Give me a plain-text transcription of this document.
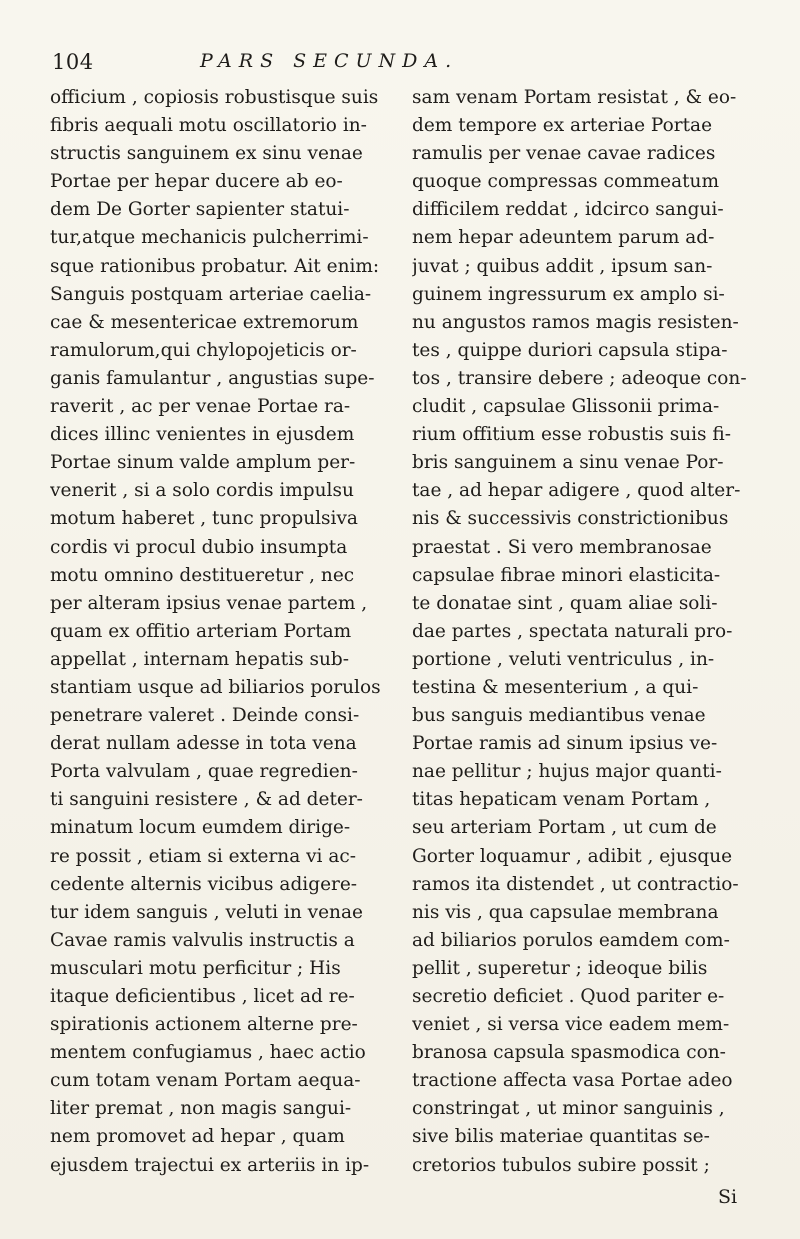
104	PARS SECUNDA.
officium , copiosis robustisque suis
fibris aequali motu oscillatorio in-
structis sanguinem ex sinu venae
Portae per hepar ducere ab eo-
dem De Gorter sapienter statui-
tur,atque mechanicis pulcherrimi-
sque rationibus probatur. Ait enim:
Sanguis postquam arteriae caelia-
cae & mesentericae extremorum
ramulorum,qui chylopojeticis or-
ganis famulantur , angustias supe-
raverit , ac per venae Portae ra-
dices illinc venientes in ejusdem
Portae sinum valde amplum per-
venerit , si a solo cordis impulsu
motum haberet , tunc propulsiva
cordis vi procul dubio insumpta
motu omnino destitueretur , nec
per alteram ipsius venae partem ,
quam ex offitio arteriam Portam
appellat , internam hepatis sub-
stantiam usque ad biliarios porulos
penetrare valeret . Deinde consi-
derat nullam adesse in tota vena
Porta valvulam , quae regredien-
ti sanguini resistere , & ad deter-
minatum locum eumdem dirige-
re possit , etiam si externa vi ac-
cedente alternis vicibus adigere-
tur idem sanguis , veluti in venae
Cavae ramis valvulis instructis a
musculari motu perficitur ; His
itaque deficientibus , licet ad re-
spirationis actionem alterne pre-
mentem confugiamus , haec actio
cum totam venam Portam aequa-
liter premat , non magis sangui-
nem promovet ad hepar , quam
ejusdem trajectui ex arteriis in ip-
sam venam Portam resistat , & eo-
dem tempore ex arteriae Portae
ramulis per venae cavae radices
quoque compressas commeatum
difficilem reddat , idcirco sangui-
nem hepar adeuntem parum ad-
juvat ; quibus addit , ipsum san-
guinem ingressurum ex amplo si-
nu angustos ramos magis resisten-
tes , quippe duriori capsula stipa-
tos , transire debere ; adeoque con-
cludit , capsulae Glissonii prima-
rium offitium esse robustis suis fi-
bris sanguinem a sinu venae Por-
tae , ad hepar adigere , quod alter-
nis & successivis constrictionibus
praestat . Si vero membranosae
capsulae fibrae minori elasticita-
te donatae sint , quam aliae soli-
dae partes , spectata naturali pro-
portione , veluti ventriculus , in-
testina & mesenterium , a qui-
bus sanguis mediantibus venae
Portae ramis ad sinum ipsius ve-
nae pellitur ; hujus major quanti-
titas hepaticam venam Portam ,
seu arteriam Portam , ut cum de
Gorter loquamur , adibit , ejusque
ramos ita distendet , ut contractio-
nis vis , qua capsulae membrana
ad biliarios porulos eamdem com-
pellit , superetur ; ideoque bilis
secretio deficiet . Quod pariter e-
veniet , si versa vice eadem mem-
branosa capsula spasmodica con-
tractione affecta vasa Portae adeo
constringat , ut minor sanguinis ,
sive bilis materiae quantitas se-
cretorios tubulos subire possit ;
Si
